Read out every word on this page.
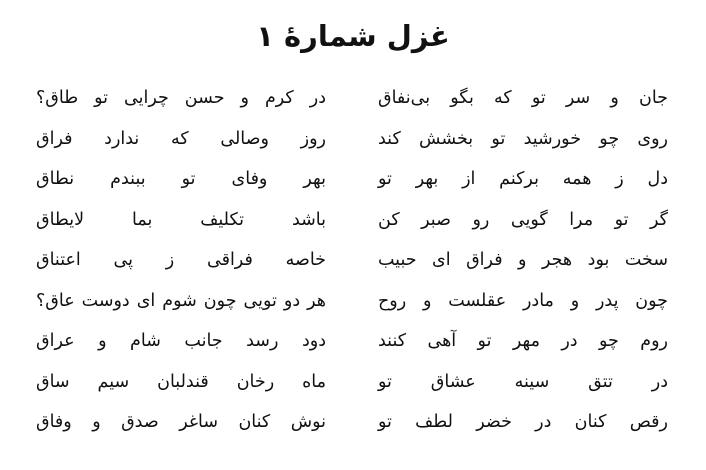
غزل شمارهٔ ۱
جان و سر تو که بگو بی‌نفاق
در کرم و حسن چرایی تو طاق؟
روی چو خورشید تو بخشش کند
روز وصالی که ندارد فراق
دل ز همه برکنم از بهر تو
بهر وفای تو ببندم نطاق
گر تو مرا گویی رو صبر کن
باشد تکلیف بما لایطاق
سخت بود هجر و فراق ای حبیب
خاصه فراقی ز پی اعتناق
چون پدر و مادر عقلست و روح
هر دو تویی چون شوم ای دوست عاق؟
روم چو در مهر تو آهی کنند
دود رسد جانب شام و عراق
در تتق سینه عشاق تو
ماه رخان قندلبان سیم ساق
رقص کنان در خضر لطف تو
نوش کنان ساغر صدق و وفاق
